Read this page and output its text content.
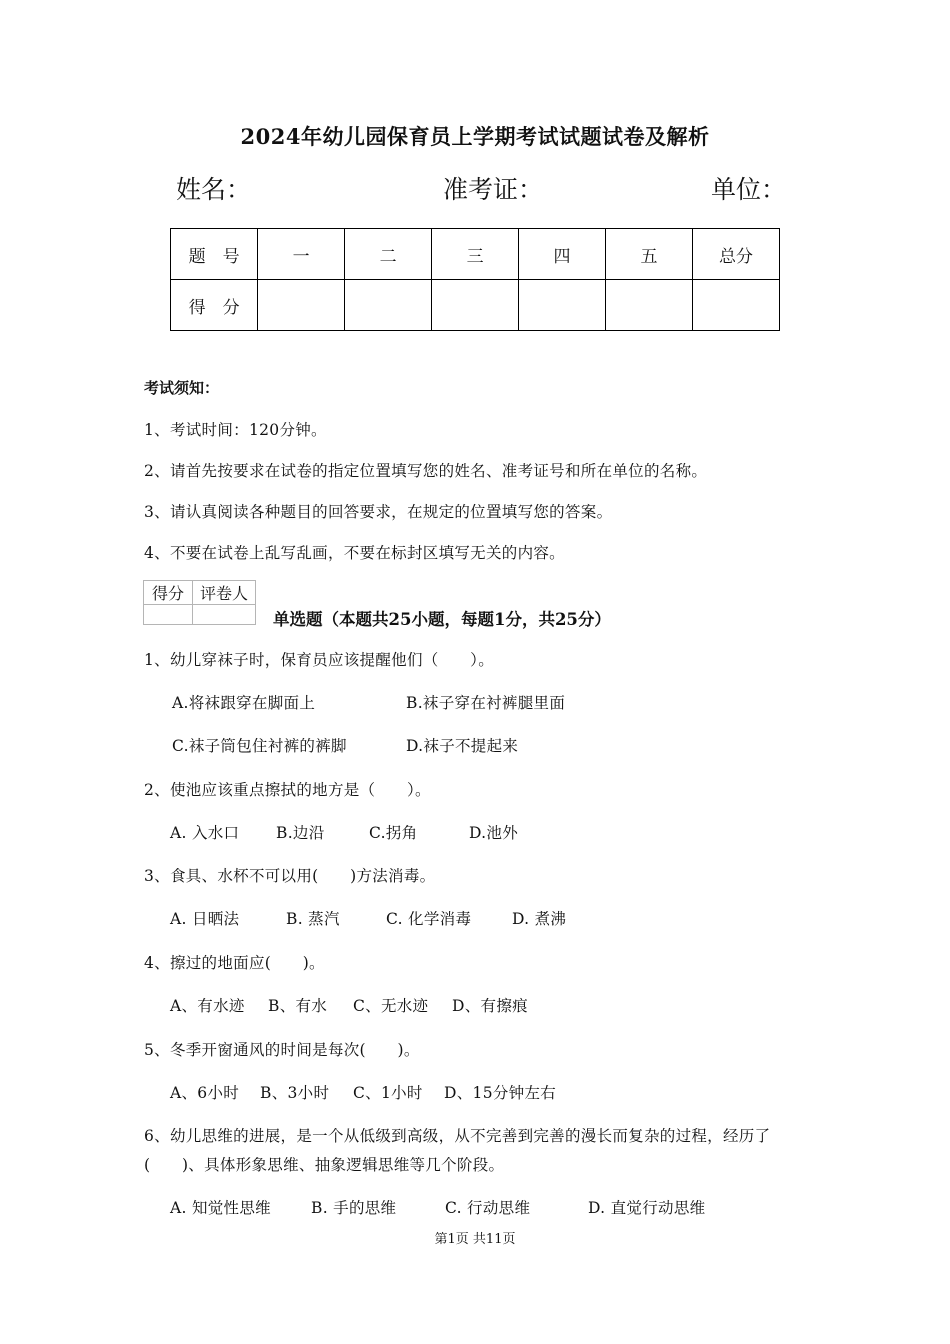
2024年幼儿园保育员上学期考试试题试卷及解析
姓名：	准考证：	单位：
题　号	一	二	三	四	五	总分
得　分						
考试须知：
1、考试时间：120分钟。
2、请首先按要求在试卷的指定位置填写您的姓名、准考证号和所在单位的名称。
3、请认真阅读各种题目的回答要求，在规定的位置填写您的答案。
4、不要在试卷上乱写乱画，不要在标封区填写无关的内容。
得分	评卷人

单选题（本题共25小题，每题1分，共25分）
1、幼儿穿袜子时，保育员应该提醒他们（　　）。
A.将袜跟穿在脚面上	B.袜子穿在衬裤腿里面
C.袜子筒包住衬裤的裤脚	D.袜子不提起来
2、使池应该重点擦拭的地方是（　　）。
A. 入水口 B.边沿	C.拐角	D.池外
3、食具、水杯不可以用(　　)方法消毒。
A. 日晒法	B. 蒸汽	C. 化学消毒	D. 煮沸
4、擦过的地面应(　　)。
A、有水迹 B、有水 C、无水迹 D、有擦痕
5、冬季开窗通风的时间是每次(　　)。
A、6小时 B、3小时 C、1小时 D、15分钟左右
6、幼儿思维的进展，是一个从低级到高级，从不完善到完善的漫长而复杂的过程，经历了
(　　)、具体形象思维、抽象逻辑思维等几个阶段。
A. 知觉性思维	B. 手的思维	C. 行动思维	D. 直觉行动思维
第1页 共11页
